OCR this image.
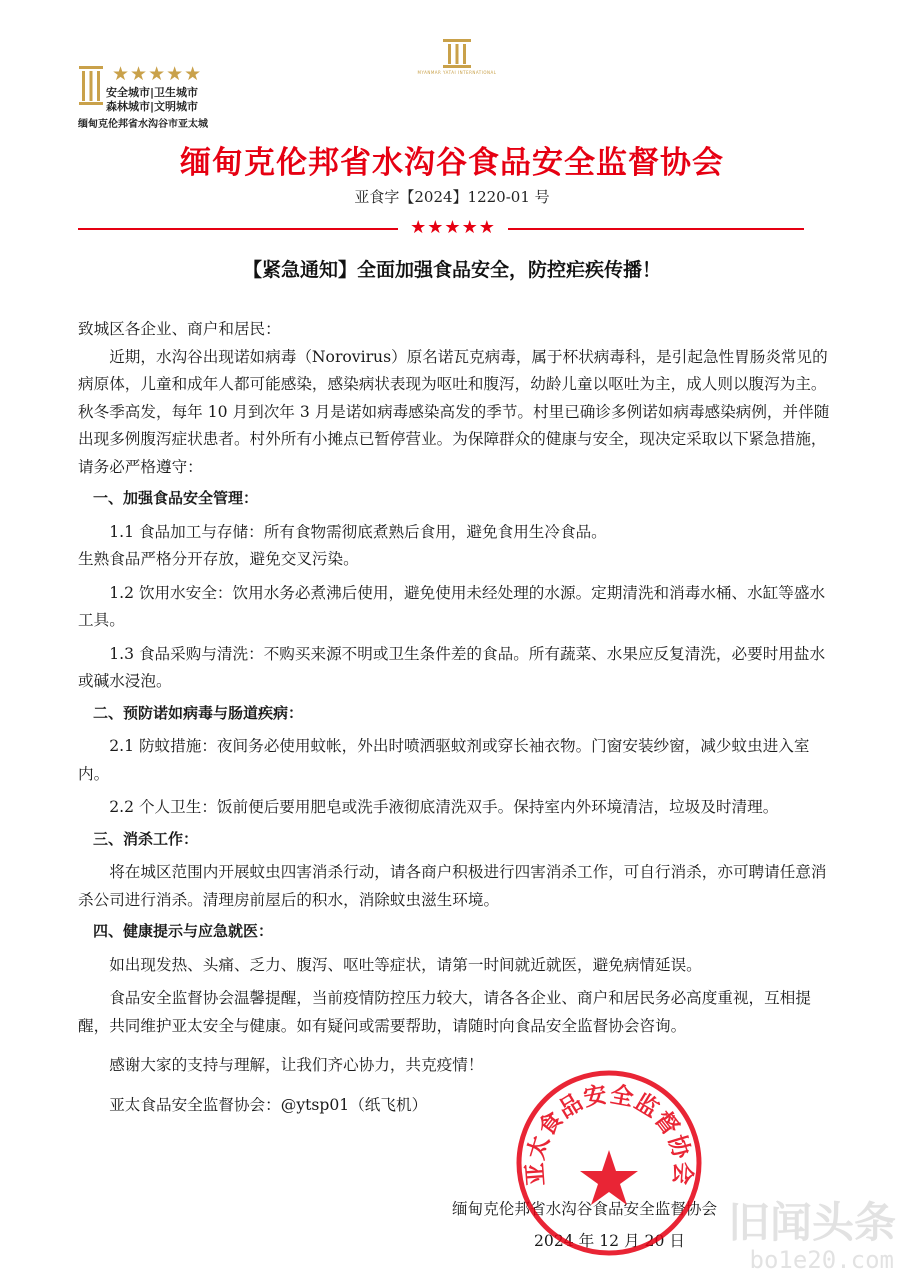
★★★★★
安全城市|卫生城市
森林城市|文明城市
缅甸克伦邦省水沟谷市亚太城
MYANMAR YATAI INTERNATIONAL
缅甸克伦邦省水沟谷食品安全监督协会
亚食字【2024】1220-01 号
★★★★★
【紧急通知】全面加强食品安全，防控疟疾传播！

致城区各企业、商户和居民：

近期，水沟谷出现诺如病毒（Norovirus）原名诺瓦克病毒，属于杯状病毒科，是引起急性胃肠炎常见的病原体，儿童和成年人都可能感染，感染病状表现为呕吐和腹泻，幼龄儿童以呕吐为主，成人则以腹泻为主。秋冬季高发，每年 10 月到次年 3 月是诺如病毒感染高发的季节。村里已确诊多例诺如病毒感染病例，并伴随出现多例腹泻症状患者。村外所有小摊点已暂停营业。为保障群众的健康与安全，现决定采取以下紧急措施，请务必严格遵守：

一、加强食品安全管理：

1.1 食品加工与存储：所有食物需彻底煮熟后食用，避免食用生冷食品。

生熟食品严格分开存放，避免交叉污染。

1.2 饮用水安全：饮用水务必煮沸后使用，避免使用未经处理的水源。定期清洗和消毒水桶、水缸等盛水工具。

1.3 食品采购与清洗：不购买来源不明或卫生条件差的食品。所有蔬菜、水果应反复清洗，必要时用盐水或碱水浸泡。

二、预防诺如病毒与肠道疾病：

2.1 防蚊措施：夜间务必使用蚊帐，外出时喷洒驱蚊剂或穿长袖衣物。门窗安装纱窗，减少蚊虫进入室内。

2.2 个人卫生：饭前便后要用肥皂或洗手液彻底清洗双手。保持室内外环境清洁，垃圾及时清理。

三、消杀工作：

将在城区范围内开展蚊虫四害消杀行动，请各商户积极进行四害消杀工作，可自行消杀，亦可聘请任意消杀公司进行消杀。清理房前屋后的积水，消除蚊虫滋生环境。

四、健康提示与应急就医：

如出现发热、头痛、乏力、腹泻、呕吐等症状，请第一时间就近就医，避免病情延误。

食品安全监督协会温馨提醒，当前疫情防控压力较大，请各各企业、商户和居民务必高度重视，互相提醒，共同维护亚太安全与健康。如有疑问或需要帮助，请随时向食品安全监督协会咨询。

感谢大家的支持与理解，让我们齐心协力，共克疫情！

亚太食品安全监督协会：@ytsp01（纸飞机）

缅甸克伦邦省水沟谷食品安全监督协会
2024 年 12 月 20 日
亚太食品安全监督协会
旧闻头条
bo1e20.com
